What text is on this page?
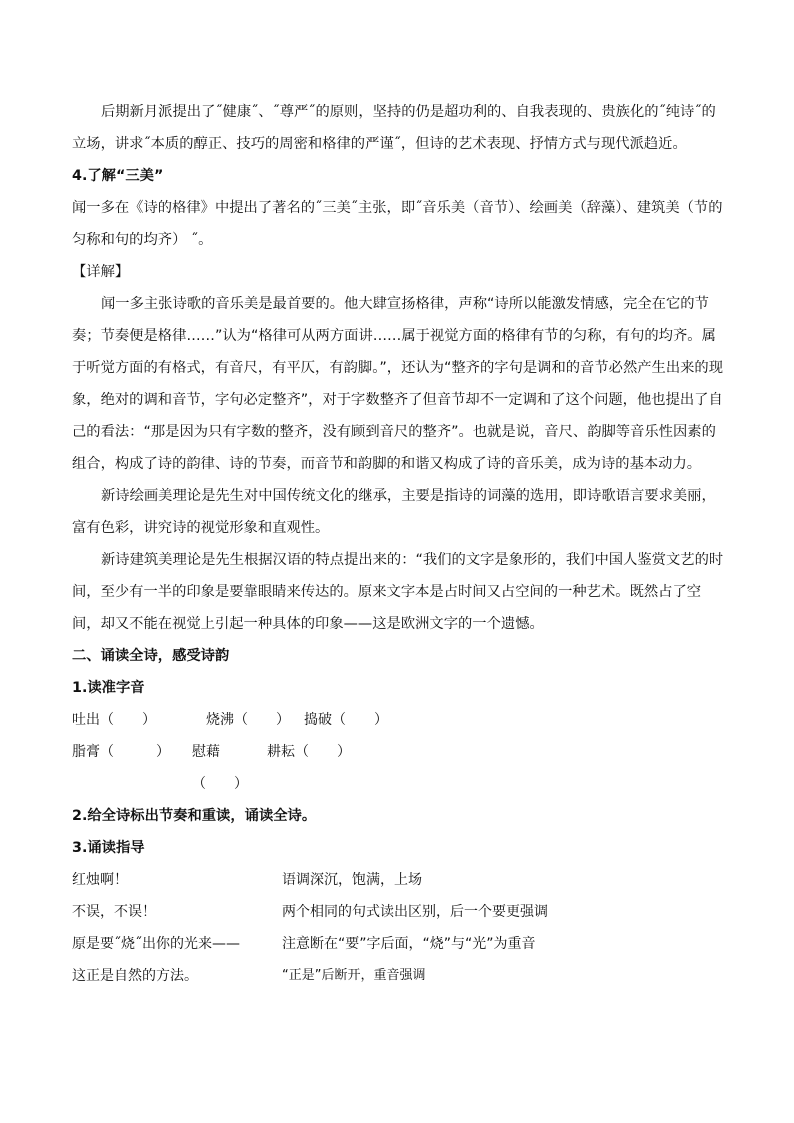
后期新月派提出了˝健康˝、˝尊严˝的原则，坚持的仍是超功利的、自我表现的、贵族化的˝纯诗˝的立场，讲求˝本质的醇正、技巧的周密和格律的严谨˝，但诗的艺术表现、抒情方式与现代派趋近。

4.了解“三美”

闻一多在《诗的格律》中提出了著名的˝三美˝主张，即˝音乐美（音节）、绘画美（辞藻）、建筑美（节的匀称和句的均齐） ˝。

【详解】

闻一多主张诗歌的音乐美是最首要的。他大肆宣扬格律，声称“诗所以能激发情感，完全在它的节奏；节奏便是格律……”认为“格律可从两方面讲……属于视觉方面的格律有节的匀称，有句的均齐。属于听觉方面的有格式，有音尺，有平仄，有韵脚。”，还认为“整齐的字句是调和的音节必然产生出来的现象，绝对的调和音节，字句必定整齐”，对于字数整齐了但音节却不一定调和了这个问题，他也提出了自己的看法：“那是因为只有字数的整齐，没有顾到音尺的整齐”。也就是说，音尺、韵脚等音乐性因素的组合，构成了诗的韵律、诗的节奏，而音节和韵脚的和谐又构成了诗的音乐美，成为诗的基本动力。

新诗绘画美理论是先生对中国传统文化的继承，主要是指诗的词藻的选用，即诗歌语言要求美丽，富有色彩，讲究诗的视觉形象和直观性。

新诗建筑美理论是先生根据汉语的特点提出来的：“我们的文字是象形的，我们中国人鉴赏文艺的时间，至少有一半的印象是要靠眼睛来传达的。原来文字本是占时间又占空间的一种艺术。既然占了空间，却又不能在视觉上引起一种具体的印象——这是欧洲文字的一个遗憾。

二、诵读全诗，感受诗韵
1.读准字音
吐出（　　）	烧沸（　　）	捣破（　　）
脂膏（　　　）	慰藉（　　）
耕耘（　　）
2.给全诗标出节奏和重读，诵读全诗。
3.诵读指导
红烛啊！	语调深沉，饱满，上场
不误，不误！	两个相同的句式读出区别，后一个要更强调
原是要˝烧˝出你的光来——	注意断在“要”字后面，“烧”与“光”为重音
这正是自然的方法。	“正是”后断开，重音强调
